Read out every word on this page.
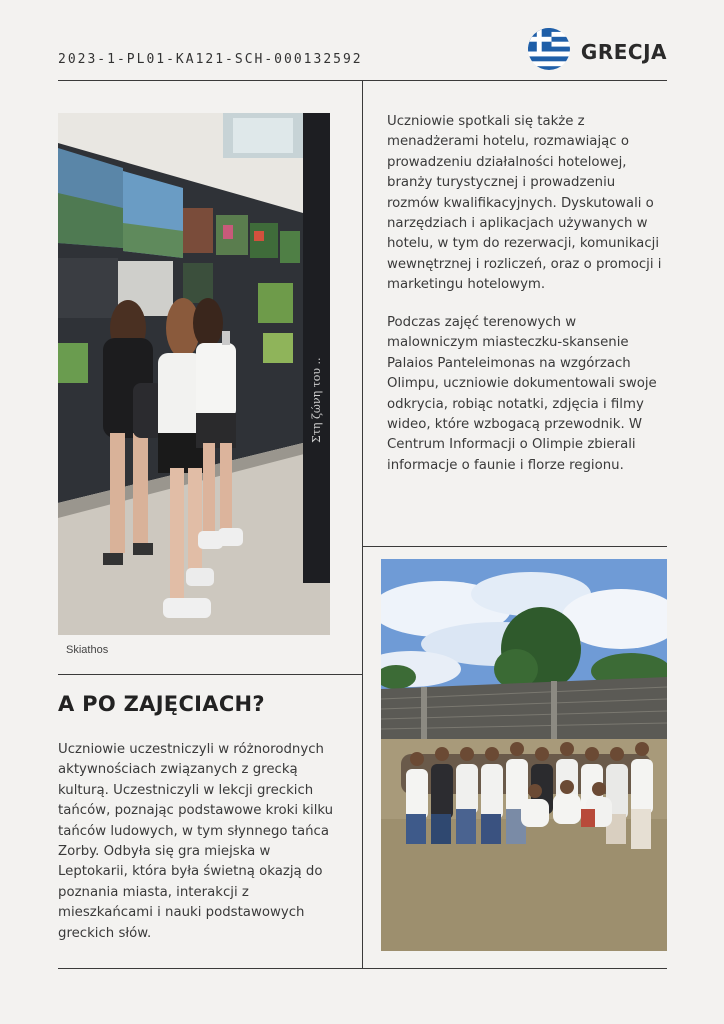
2023-1-PL01-KA121-SCH-000132592	GRECJA
Στη ζώνη του ..
Skiathos
A PO ZAJĘCIACH?

Uczniowie uczestniczyli w różnorodnych aktywnościach związanych z grecką kulturą. Uczestniczyli w lekcji greckich tańców, poznając podstawowe kroki kilku tańców ludowych, w tym słynnego tańca Zorby. Odbyła się gra miejska w Leptokarii, która była świetną okazją do poznania miasta, interakcji z mieszkańcami i nauki podstawowych greckich słów.

Uczniowie spotkali się także z menadżerami hotelu, rozmawiając o prowadzeniu działalności hotelowej, branży turystycznej i prowadzeniu rozmów kwalifikacyjnych. Dyskutowali o narzędziach i aplikacjach używanych w hotelu, w tym do rezerwacji, komunikacji wewnętrznej i rozliczeń, oraz o promocji i marketingu hotelowym.

Podczas zajęć terenowych w malowniczym miasteczku-skansenie Palaios Panteleimonas na wzgórzach Olimpu, uczniowie dokumentowali swoje odkrycia, robiąc notatki, zdjęcia i filmy wideo, które wzbogacą przewodnik. W Centrum Informacji o Olimpie zbierali informacje o faunie i florze regionu.
